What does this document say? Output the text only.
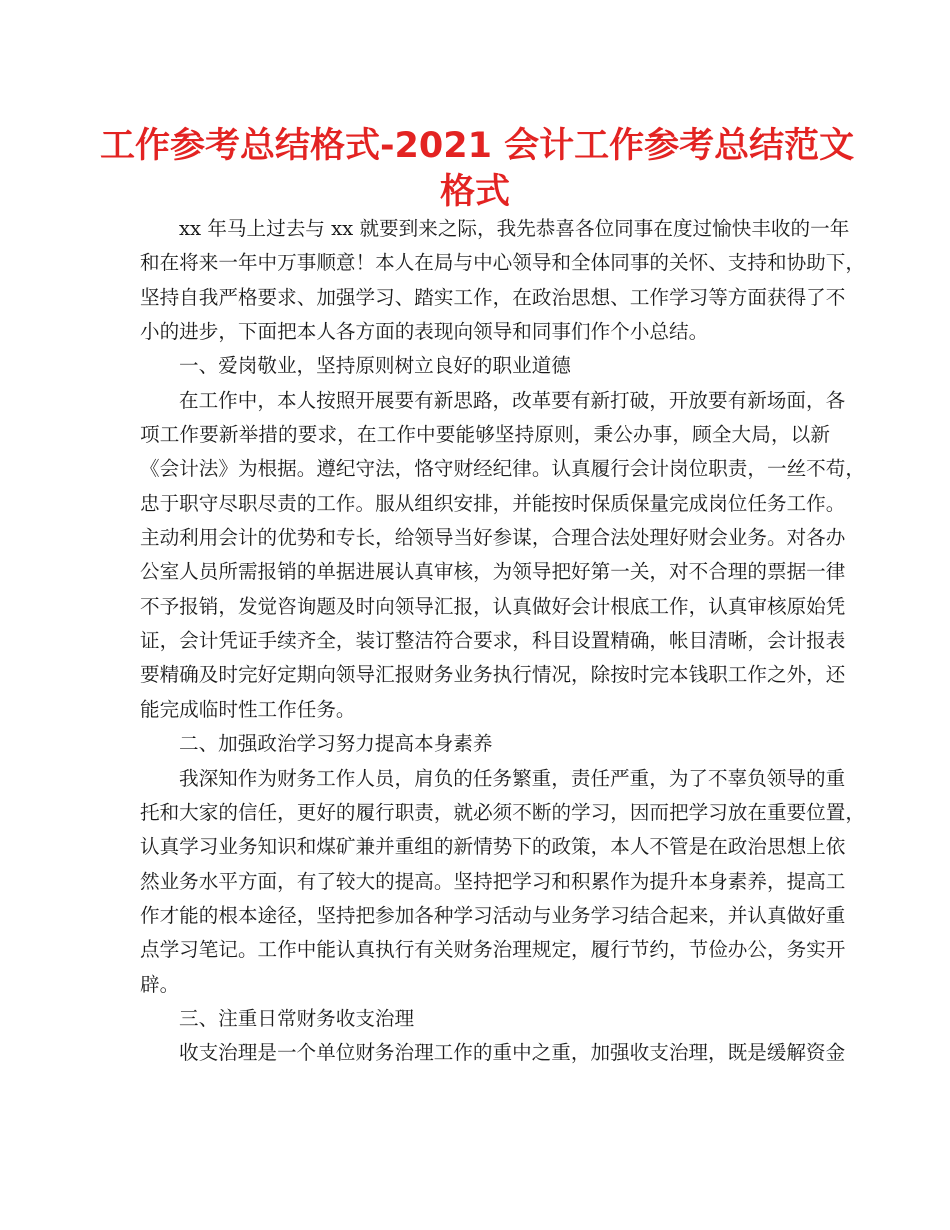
工作参考总结格式-2021 会计工作参考总结范文
格式
xx 年马上过去与 xx 就要到来之际，我先恭喜各位同事在度过愉快丰收的一年
和在将来一年中万事顺意！本人在局与中心领导和全体同事的关怀、支持和协助下，
坚持自我严格要求、加强学习、踏实工作，在政治思想、工作学习等方面获得了不
小的进步，下面把本人各方面的表现向领导和同事们作个小总结。
一、爱岗敬业，坚持原则树立良好的职业道德
在工作中，本人按照开展要有新思路，改革要有新打破，开放要有新场面，各
项工作要新举措的要求，在工作中要能够坚持原则，秉公办事，顾全大局，以新
《会计法》为根据。遵纪守法，恪守财经纪律。认真履行会计岗位职责，一丝不苟，
忠于职守尽职尽责的工作。服从组织安排，并能按时保质保量完成岗位任务工作。
主动利用会计的优势和专长，给领导当好参谋，合理合法处理好财会业务。对各办
公室人员所需报销的单据进展认真审核，为领导把好第一关，对不合理的票据一律
不予报销，发觉咨询题及时向领导汇报，认真做好会计根底工作，认真审核原始凭
证，会计凭证手续齐全，装订整洁符合要求，科目设置精确，帐目清晰，会计报表
要精确及时完好定期向领导汇报财务业务执行情况，除按时完本钱职工作之外，还
能完成临时性工作任务。
二、加强政治学习努力提高本身素养
我深知作为财务工作人员，肩负的任务繁重，责任严重，为了不辜负领导的重
托和大家的信任，更好的履行职责，就必须不断的学习，因而把学习放在重要位置，
认真学习业务知识和煤矿兼并重组的新情势下的政策，本人不管是在政治思想上依
然业务水平方面，有了较大的提高。坚持把学习和积累作为提升本身素养，提高工
作才能的根本途径，坚持把参加各种学习活动与业务学习结合起来，并认真做好重
点学习笔记。工作中能认真执行有关财务治理规定，履行节约，节俭办公，务实开
辟。
三、注重日常财务收支治理
收支治理是一个单位财务治理工作的重中之重，加强收支治理，既是缓解资金
